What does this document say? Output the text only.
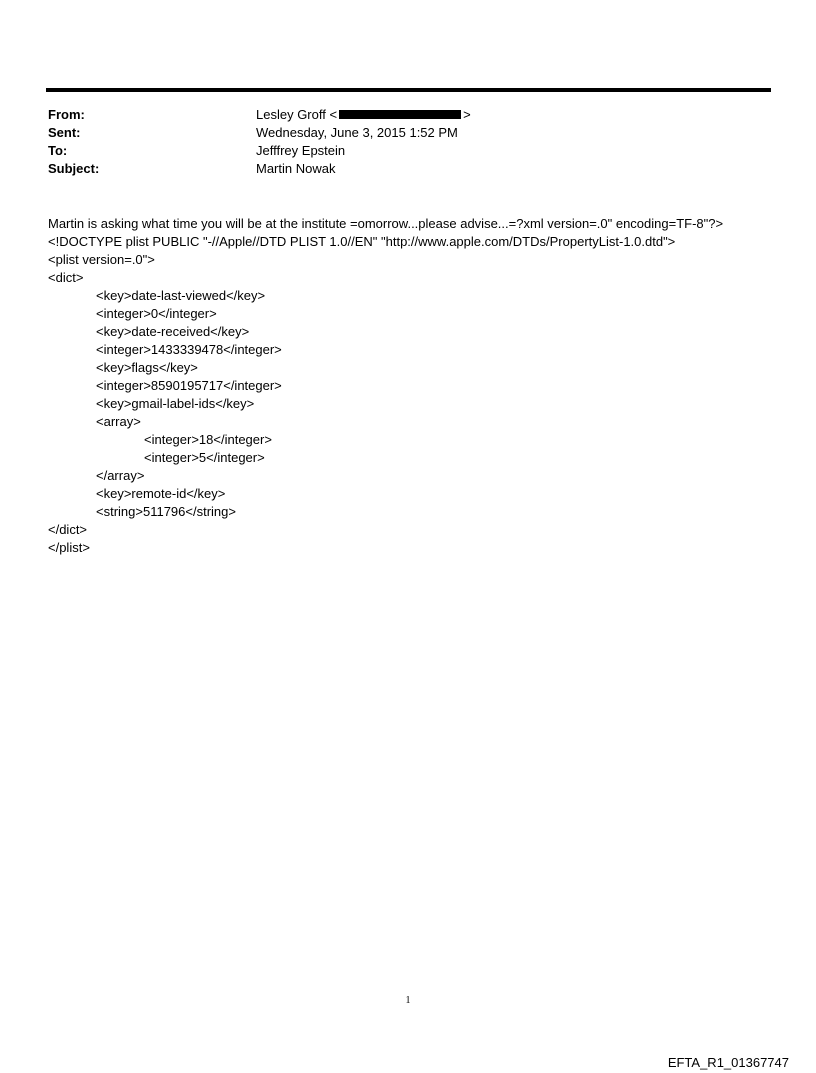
From:	Lesley Groff <	>
Sent:	Wednesday, June 3, 2015 1:52 PM
To:	Jefffrey Epstein
Subject:	Martin Nowak
Martin is asking what time you will be at the institute =omorrow...please advise...=?xml version=.0" encoding=TF-8"?>
<!DOCTYPE plist PUBLIC "-//Apple//DTD PLIST 1.0//EN" "http://www.apple.com/DTDs/PropertyList-1.0.dtd">
<plist version=.0">
<dict>
<key>date-last-viewed</key>
<integer>0</integer>
<key>date-received</key>
<integer>1433339478</integer>
<key>flags</key>
<integer>8590195717</integer>
<key>gmail-label-ids</key>
<array>
<integer>18</integer>
<integer>5</integer>
</array>
<key>remote-id</key>
<string>511796</string>
</dict>
</plist>
1
EFTA_R1_01367747
